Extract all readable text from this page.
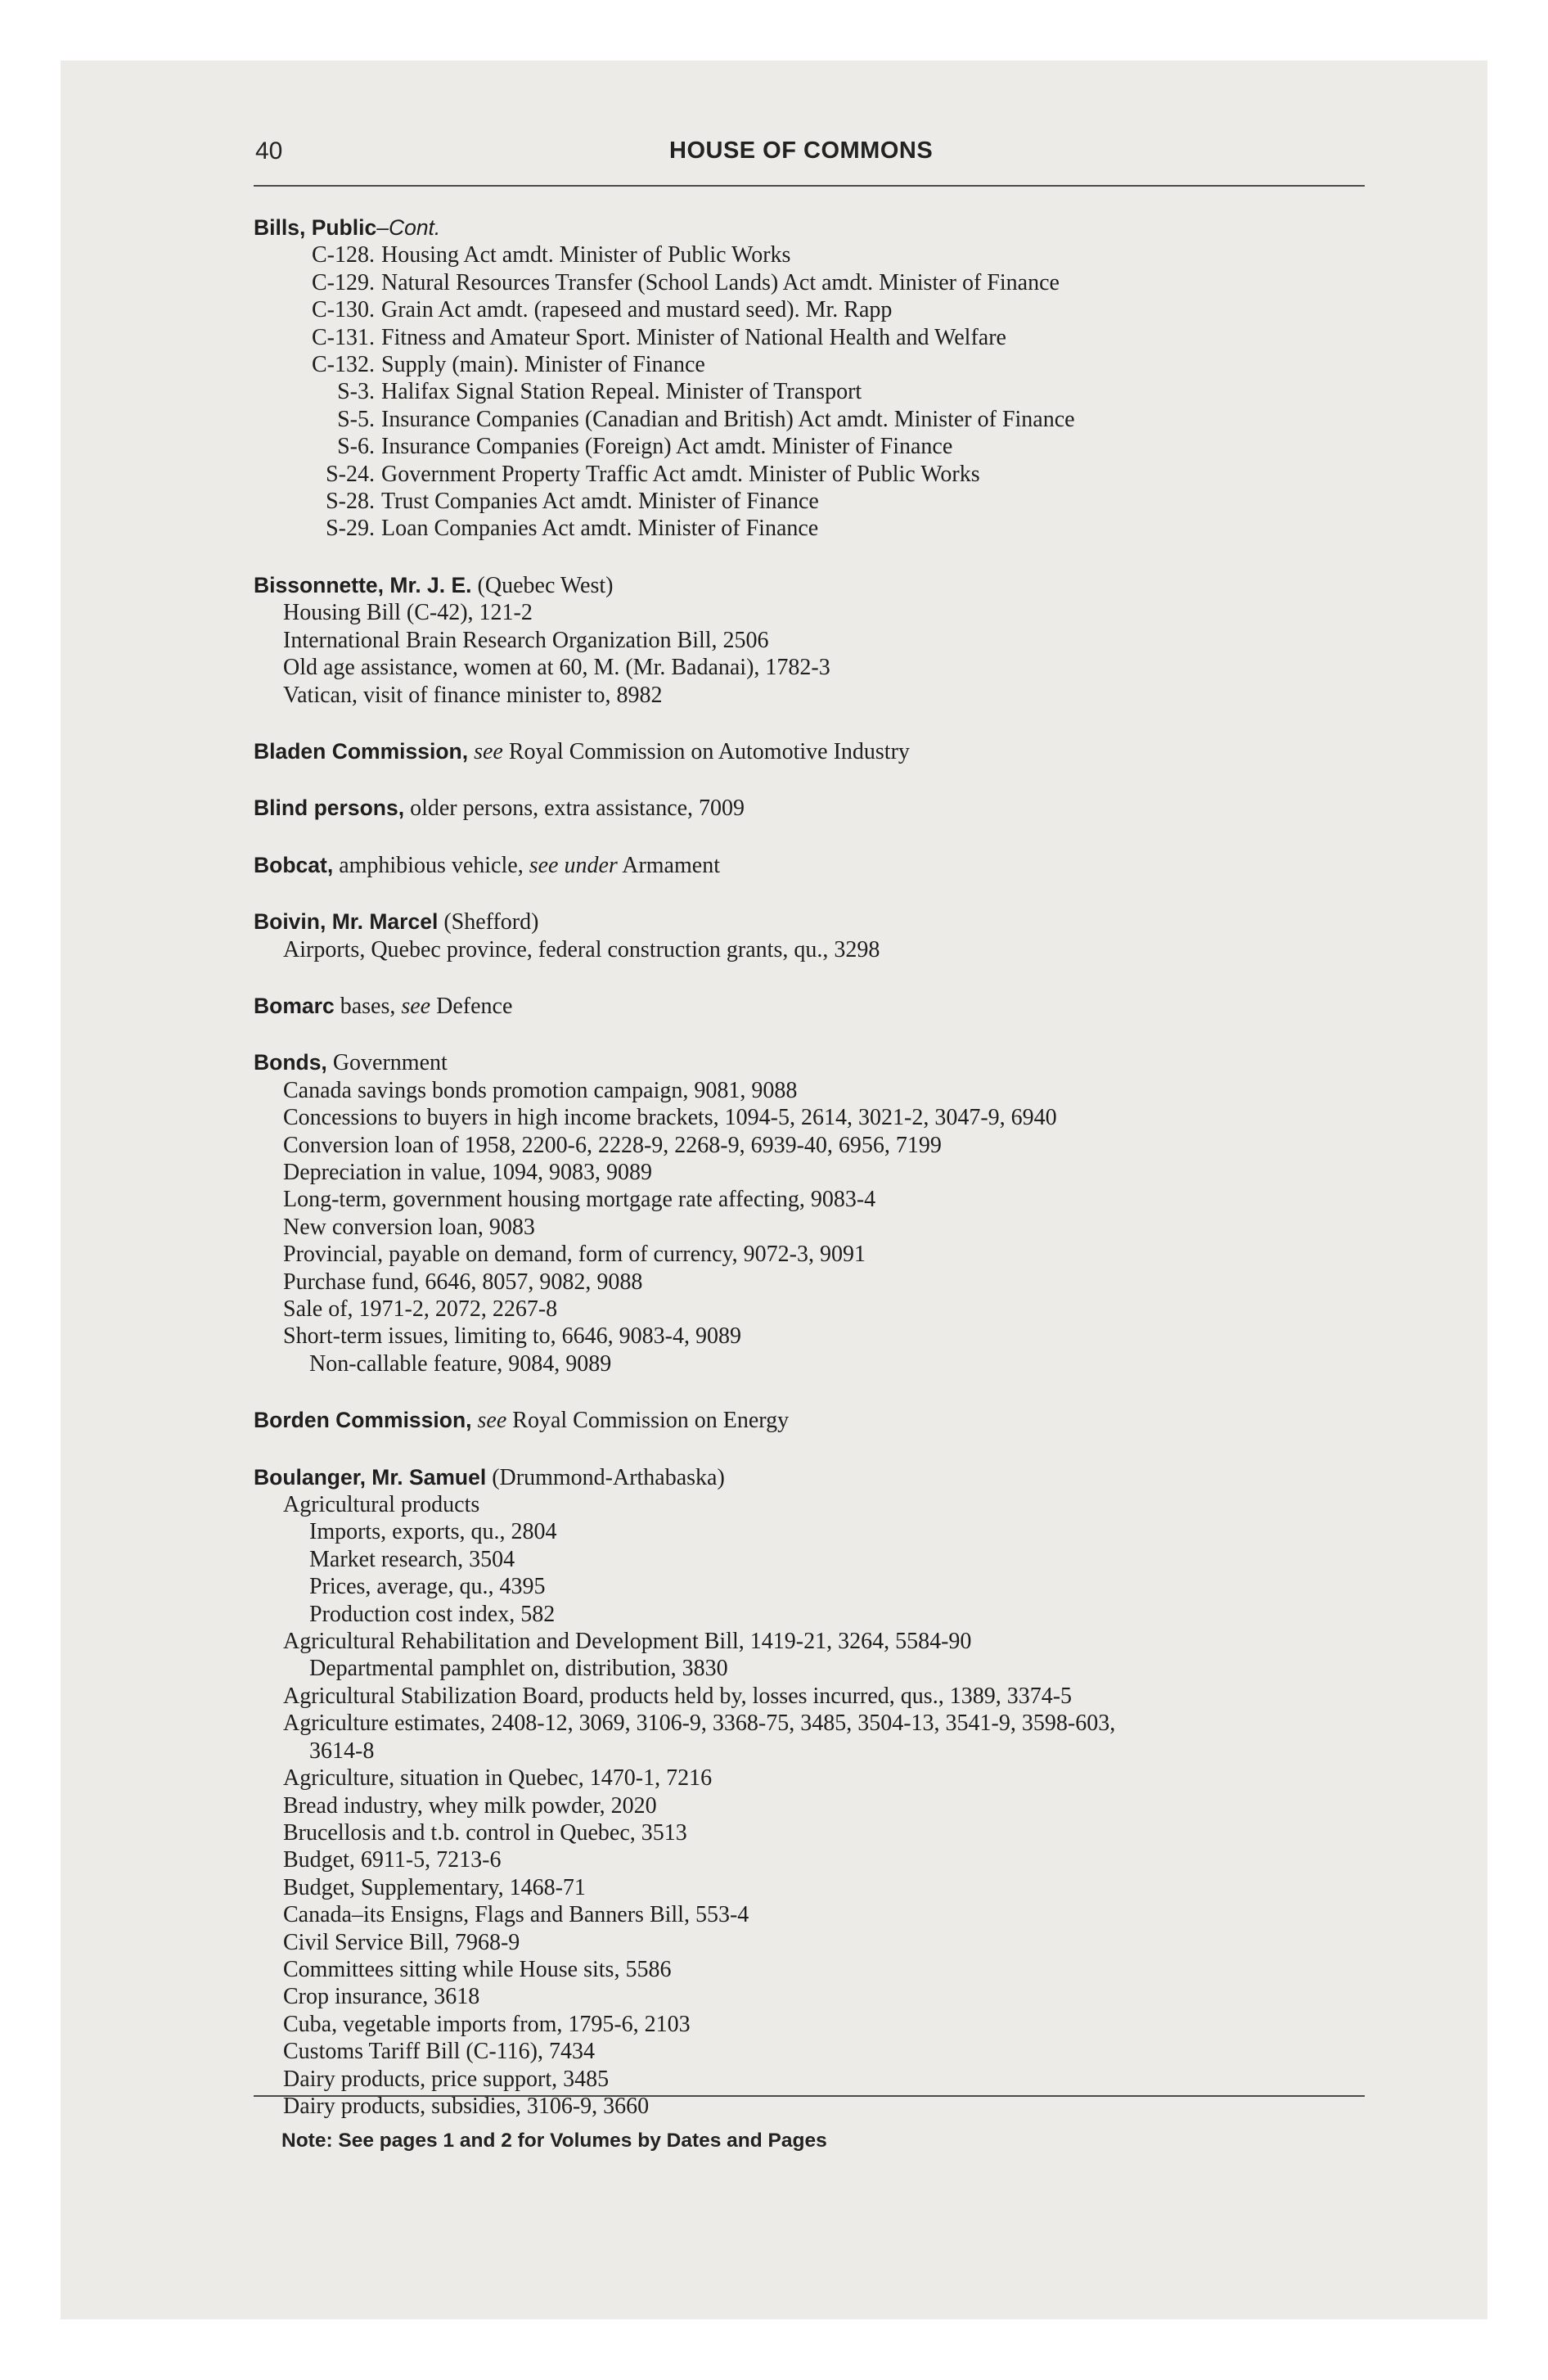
40	HOUSE OF COMMONS
Bills, Public–Cont.
C-128. Housing Act amdt. Minister of Public Works
C-129. Natural Resources Transfer (School Lands) Act amdt. Minister of Finance
C-130. Grain Act amdt. (rapeseed and mustard seed). Mr. Rapp
C-131. Fitness and Amateur Sport. Minister of National Health and Welfare
C-132. Supply (main). Minister of Finance
S-3. Halifax Signal Station Repeal. Minister of Transport
S-5. Insurance Companies (Canadian and British) Act amdt. Minister of Finance
S-6. Insurance Companies (Foreign) Act amdt. Minister of Finance
S-24. Government Property Traffic Act amdt. Minister of Public Works
S-28. Trust Companies Act amdt. Minister of Finance
S-29. Loan Companies Act amdt. Minister of Finance
Bissonnette, Mr. J. E. (Quebec West)
Housing Bill (C-42), 121-2
International Brain Research Organization Bill, 2506
Old age assistance, women at 60, M. (Mr. Badanai), 1782-3
Vatican, visit of finance minister to, 8982
Bladen Commission, see Royal Commission on Automotive Industry
Blind persons, older persons, extra assistance, 7009
Bobcat, amphibious vehicle, see under Armament
Boivin, Mr. Marcel (Shefford)
Airports, Quebec province, federal construction grants, qu., 3298
Bomarc bases, see Defence
Bonds, Government
Canada savings bonds promotion campaign, 9081, 9088
Concessions to buyers in high income brackets, 1094-5, 2614, 3021-2, 3047-9, 6940
Conversion loan of 1958, 2200-6, 2228-9, 2268-9, 6939-40, 6956, 7199
Depreciation in value, 1094, 9083, 9089
Long-term, government housing mortgage rate affecting, 9083-4
New conversion loan, 9083
Provincial, payable on demand, form of currency, 9072-3, 9091
Purchase fund, 6646, 8057, 9082, 9088
Sale of, 1971-2, 2072, 2267-8
Short-term issues, limiting to, 6646, 9083-4, 9089
Non-callable feature, 9084, 9089
Borden Commission, see Royal Commission on Energy
Boulanger, Mr. Samuel (Drummond-Arthabaska)
Agricultural products
Imports, exports, qu., 2804
Market research, 3504
Prices, average, qu., 4395
Production cost index, 582
Agricultural Rehabilitation and Development Bill, 1419-21, 3264, 5584-90
Departmental pamphlet on, distribution, 3830
Agricultural Stabilization Board, products held by, losses incurred, qus., 1389, 3374-5
Agriculture estimates, 2408-12, 3069, 3106-9, 3368-75, 3485, 3504-13, 3541-9, 3598-603,
3614-8
Agriculture, situation in Quebec, 1470-1, 7216
Bread industry, whey milk powder, 2020
Brucellosis and t.b. control in Quebec, 3513
Budget, 6911-5, 7213-6
Budget, Supplementary, 1468-71
Canada–its Ensigns, Flags and Banners Bill, 553-4
Civil Service Bill, 7968-9
Committees sitting while House sits, 5586
Crop insurance, 3618
Cuba, vegetable imports from, 1795-6, 2103
Customs Tariff Bill (C-116), 7434
Dairy products, price support, 3485
Dairy products, subsidies, 3106-9, 3660
Note: See pages 1 and 2 for Volumes by Dates and Pages
